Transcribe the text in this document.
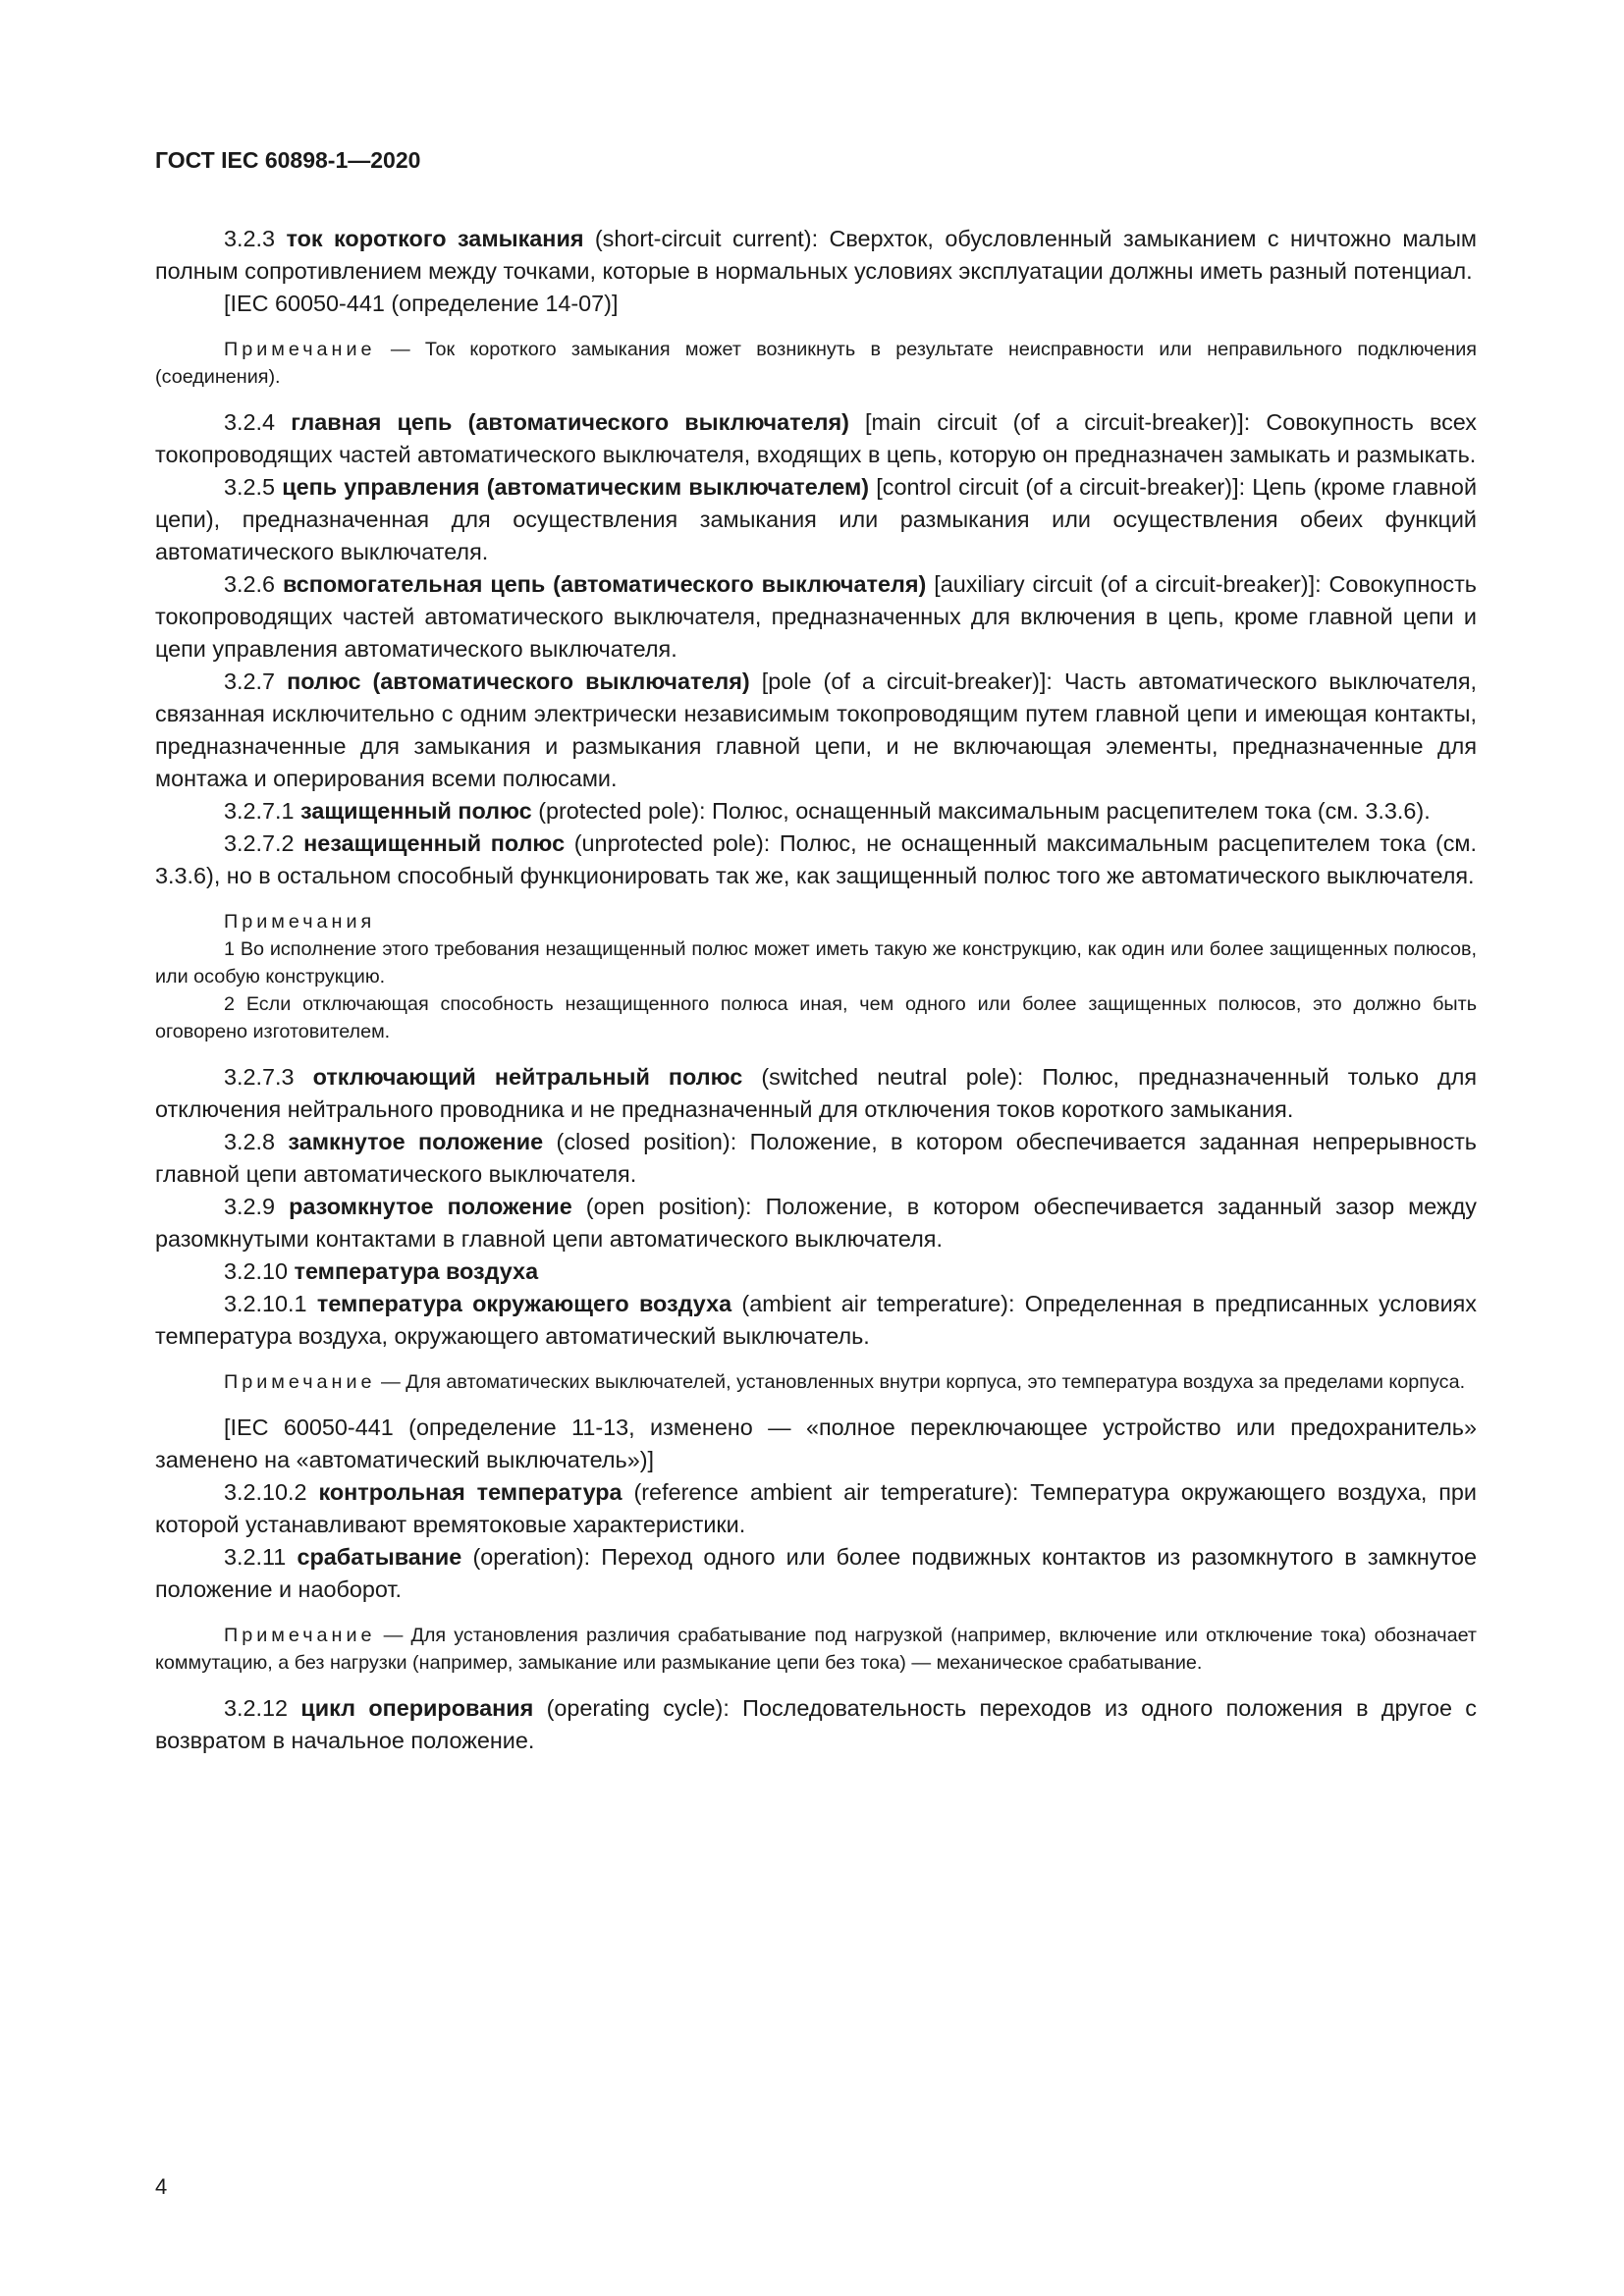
ГОСТ IEC 60898-1—2020

3.2.3 ток короткого замыкания (short-circuit current): Сверхток, обусловленный замыканием с ничтожно малым полным сопротивлением между точками, которые в нормальных условиях эксплуатации должны иметь разный потенциал.

[IEC 60050-441 (определение 14-07)]

Примечание — Ток короткого замыкания может возникнуть в результате неисправности или неправильного подключения (соединения).

3.2.4 главная цепь (автоматического выключателя) [main circuit (of a circuit-breaker)]: Совокупность всех токопроводящих частей автоматического выключателя, входящих в цепь, которую он предназначен замыкать и размыкать.

3.2.5 цепь управления (автоматическим выключателем) [control circuit (of a circuit-breaker)]: Цепь (кроме главной цепи), предназначенная для осуществления замыкания или размыкания или осуществления обеих функций автоматического выключателя.

3.2.6 вспомогательная цепь (автоматического выключателя) [auxiliary circuit (of a circuit-breaker)]: Совокупность токопроводящих частей автоматического выключателя, предназначенных для включения в цепь, кроме главной цепи и цепи управления автоматического выключателя.

3.2.7 полюс (автоматического выключателя) [pole (of a circuit-breaker)]: Часть автоматического выключателя, связанная исключительно с одним электрически независимым токопроводящим путем главной цепи и имеющая контакты, предназначенные для замыкания и размыкания главной цепи, и не включающая элементы, предназначенные для монтажа и оперирования всеми полюсами.

3.2.7.1 защищенный полюс (protected pole): Полюс, оснащенный максимальным расцепителем тока (см. 3.3.6).

3.2.7.2 незащищенный полюс (unprotected pole): Полюс, не оснащенный максимальным расцепителем тока (см. 3.3.6), но в остальном способный функционировать так же, как защищенный полюс того же автоматического выключателя.

Примечания

1 Во исполнение этого требования незащищенный полюс может иметь такую же конструкцию, как один или более защищенных полюсов, или особую конструкцию.

2 Если отключающая способность незащищенного полюса иная, чем одного или более защищенных полюсов, это должно быть оговорено изготовителем.

3.2.7.3 отключающий нейтральный полюс (switched neutral pole): Полюс, предназначенный только для отключения нейтрального проводника и не предназначенный для отключения токов короткого замыкания.

3.2.8 замкнутое положение (closed position): Положение, в котором обеспечивается заданная непрерывность главной цепи автоматического выключателя.

3.2.9 разомкнутое положение (open position): Положение, в котором обеспечивается заданный зазор между разомкнутыми контактами в главной цепи автоматического выключателя.

3.2.10 температура воздуха

3.2.10.1 температура окружающего воздуха (ambient air temperature): Определенная в предписанных условиях температура воздуха, окружающего автоматический выключатель.

Примечание — Для автоматических выключателей, установленных внутри корпуса, это температура воздуха за пределами корпуса.

[IEC 60050-441 (определение 11-13, изменено — «полное переключающее устройство или предохранитель» заменено на «автоматический выключатель»)]

3.2.10.2 контрольная температура (reference ambient air temperature): Температура окружающего воздуха, при которой устанавливают времятоковые характеристики.

3.2.11 срабатывание (operation): Переход одного или более подвижных контактов из разомкнутого в замкнутое положение и наоборот.

Примечание — Для установления различия срабатывание под нагрузкой (например, включение или отключение тока) обозначает коммутацию, а без нагрузки (например, замыкание или размыкание цепи без тока) — механическое срабатывание.

3.2.12 цикл оперирования (operating cycle): Последовательность переходов из одного положения в другое с возвратом в начальное положение.

4
